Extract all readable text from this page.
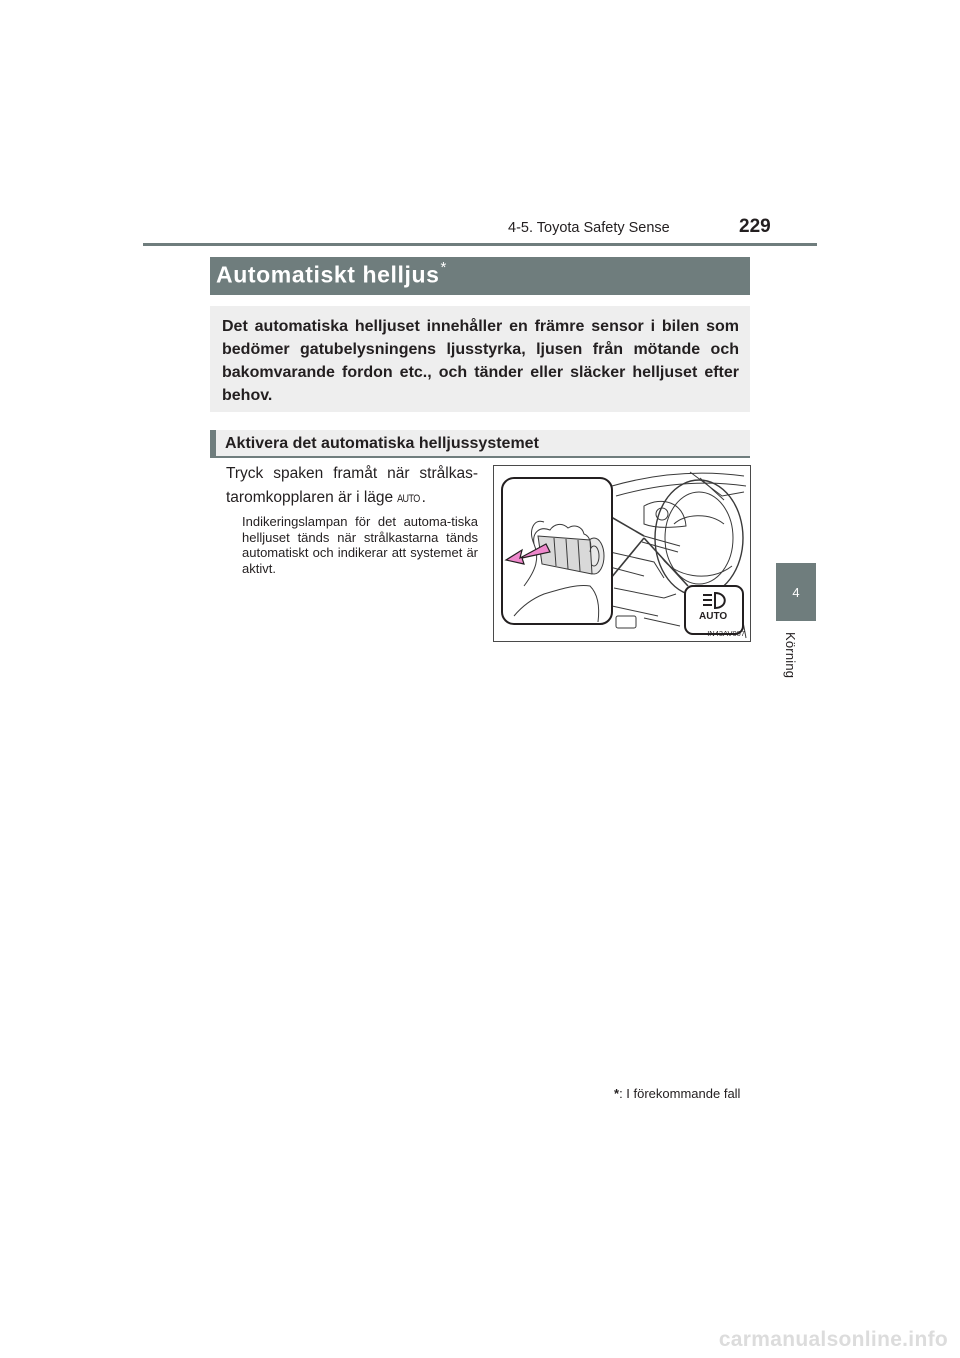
4-5. Toyota Safety Sense	229
4
Körning
Automatiskt helljus*

Det automatiska helljuset innehåller en främre sensor i bilen som bedömer gatubelysningens ljusstyrka, ljusen från mötande och bakomvarande fordon etc., och tänder eller släcker helljuset efter behov.

Aktivera det automatiska helljussystemet

Tryck spaken framåt när strålkas-taromkopplaren är i läge AUTO .

Indikeringslampan för det automa-tiska helljuset tänds när strålkastarna tänds automatiskt och indikerar att systemet är aktivt.

AUTO
IN43AV007
*: I förekommande fall
carmanualsonline.info
